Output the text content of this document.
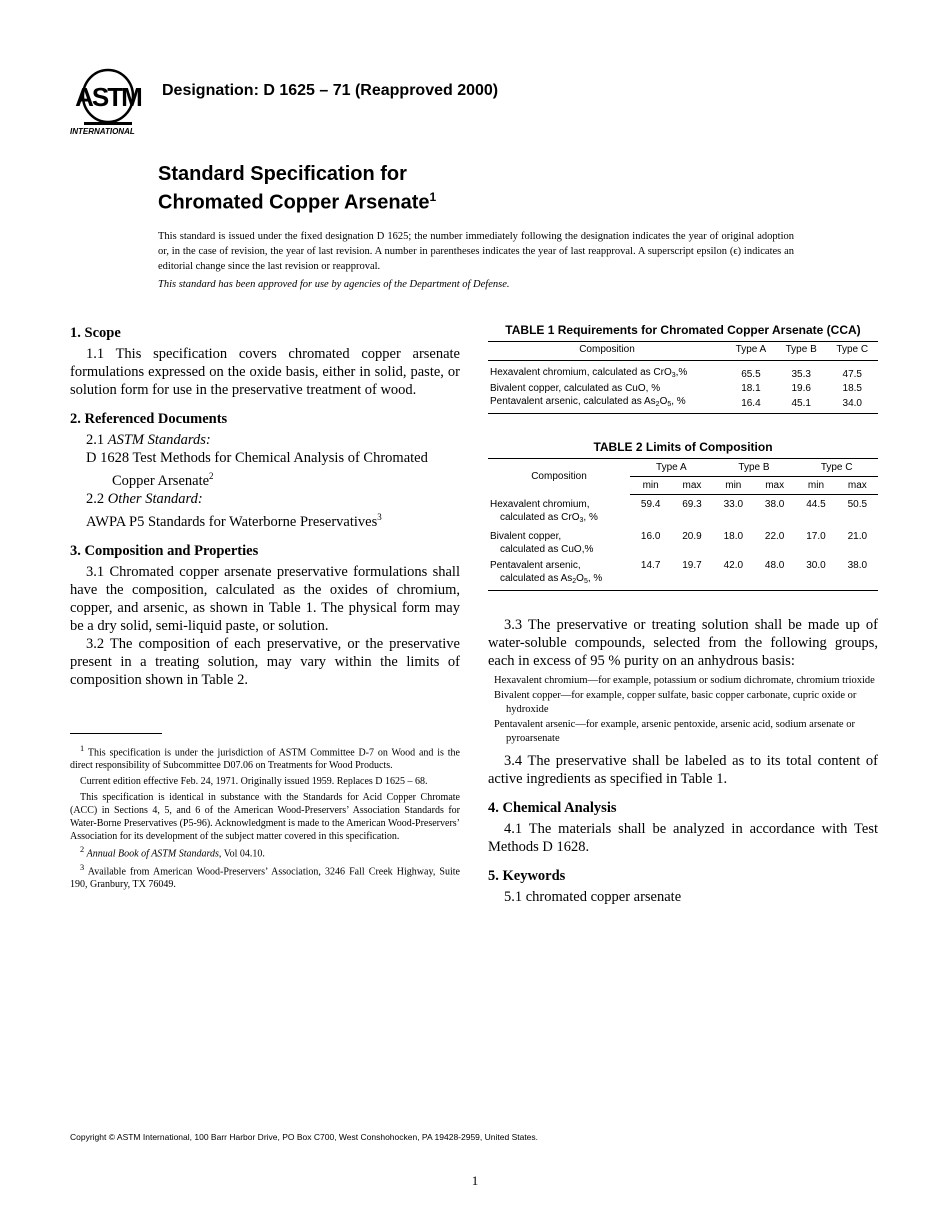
ASTM
INTERNATIONAL
Designation: D 1625 – 71 (Reapproved 2000)
Standard Specification for
Chromated Copper Arsenate$^1$
This standard is issued under the fixed designation D 1625; the number immediately following the designation indicates the year of original adoption or, in the case of revision, the year of last revision. A number in parentheses indicates the year of last reapproval. A superscript epsilon (ϵ) indicates an editorial change since the last revision or reapproval.
This standard has been approved for use by agencies of the Department of Defense.
1. Scope

1.1 This specification covers chromated copper arsenate formulations expressed on the oxide basis, either in solid, paste, or solution form for use in the preservative treatment of wood.

2. Referenced Documents
2.1 ASTM Standards:
D 1628 Test Methods for Chemical Analysis of Chromated Copper Arsenate$^2$
2.2 Other Standard:
AWPA P5 Standards for Waterborne Preservatives$^3$
3. Composition and Properties

3.1 Chromated copper arsenate preservative formulations shall have the composition, calculated as the oxides of chromium, copper, and arsenic, as shown in Table 1. The physical form may be a dry solid, semi-liquid paste, or solution.

3.2 The composition of each preservative, or the preservative present in a treating solution, may vary within the limits of composition shown in Table 2.

$^1$ This specification is under the jurisdiction of ASTM Committee D-7 on Wood and is the direct responsibility of Subcommittee D07.06 on Treatments for Wood Products.

Current edition effective Feb. 24, 1971. Originally issued 1959. Replaces D 1625 – 68.

This specification is identical in substance with the Standards for Acid Copper Chromate (ACC) in Sections 4, 5, and 6 of the American Wood-Preservers’ Association Standards for Water-Borne Preservatives (P5-96). Acknowledgment is made to the American Wood-Preservers’ Association for its development of the subject matter covered in this specification.

$^2$ Annual Book of ASTM Standards, Vol 04.10.

$^3$ Available from American Wood-Preservers’ Association, 3246 Fall Creek Highway, Suite 190, Granbury, TX 76049.

TABLE 1 Requirements for Chromated Copper Arsenate (CCA)
Composition	Type A	Type B	Type C
Hexavalent chromium, calculated as CrO$_3$,%	65.5	35.3	47.5
Bivalent copper, calculated as CuO, %	18.1	19.6	18.5
Pentavalent arsenic, calculated as $As_2O_5$, %	16.4	45.1	34.0
TABLE 2 Limits of Composition
Composition	Type A		Type B		Type C	
	min	max	min	max	min	max

Hexavalent chromium,
calculated as CrO$_3$, %	59.4	69.3	33.0	38.0	44.5	50.5

Bivalent copper,
calculated as CuO,%	16.0	20.9	18.0	22.0	17.0	21.0

Pentavalent arsenic,
calculated as $As_2O_5$, %	14.7	19.7	42.0	48.0	30.0	38.0

3.3 The preservative or treating solution shall be made up of water-soluble compounds, selected from the following groups, each in excess of 95 % purity on an anhydrous basis:

Hexavalent chromium—for example, potassium or sodium dichromate, chromium trioxide

Bivalent copper—for example, copper sulfate, basic copper carbonate, cupric oxide or hydroxide

Pentavalent arsenic—for example, arsenic pentoxide, arsenic acid, sodium arsenate or pyroarsenate

3.4 The preservative shall be labeled as to its total content of active ingredients as specified in Table 1.

4. Chemical Analysis

4.1 The materials shall be analyzed in accordance with Test Methods D 1628.

5. Keywords

5.1 chromated copper arsenate

Copyright © ASTM International, 100 Barr Harbor Drive, PO Box C700, West Conshohocken, PA 19428-2959, United States.
1
